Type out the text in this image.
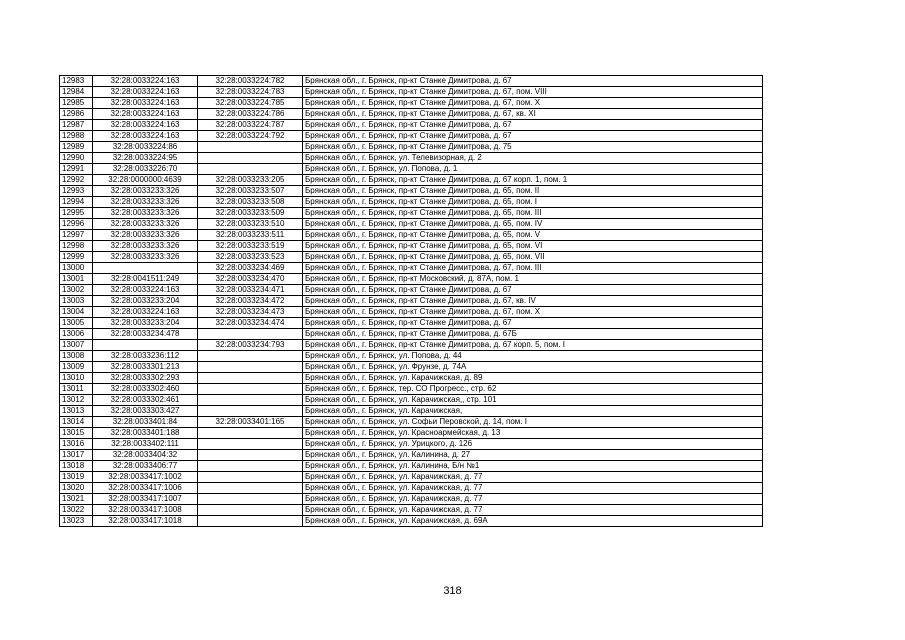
12983	32:28:0033224:163	32:28:0033224:782	Брянская обл., г. Брянск, пр-кт Станке Димитрова, д. 67
12984	32:28:0033224:163	32:28:0033224:783	Брянская обл., г. Брянск, пр-кт Станке Димитрова, д. 67, пом. VIII
12985	32:28:0033224:163	32:28:0033224:785	Брянская обл., г. Брянск, пр-кт Станке Димитрова, д. 67, пом. Х
12986	32:28:0033224:163	32:28:0033224:786	Брянская обл., г. Брянск, пр-кт Станке Димитрова, д. 67, кв. XI
12987	32:28:0033224:163	32:28:0033224:787	Брянская обл., г. Брянск, пр-кт Станке Димитрова, д. 67
12988	32:28:0033224:163	32:28:0033224:792	Брянская обл., г. Брянск, пр-кт Станке Димитрова, д. 67
12989	32:28:0033224:86		Брянская обл., г. Брянск, пр-кт Станке Димитрова, д. 75
12990	32:28:0033224:95		Брянская обл., г. Брянск, ул. Телевизорная, д. 2
12991	32:28:0033226:70		Брянская обл., г. Брянск, ул. Попова, д. 1
12992	32:28:0000000:4639	32:28:0033233:205	Брянская обл., г. Брянск, пр-кт Станке Димитрова, д. 67 корп. 1, пом. 1
12993	32:28:0033233:326	32:28:0033233:507	Брянская обл., г. Брянск, пр-кт Станке Димитрова, д. 65, пом. II
12994	32:28:0033233:326	32:28:0033233:508	Брянская обл., г. Брянск, пр-кт Станке Димитрова, д. 65, пом. I
12995	32:28:0033233:326	32:28:0033233:509	Брянская обл., г. Брянск, пр-кт Станке Димитрова, д. 65, пом. III
12996	32:28:0033233:326	32:28:0033233:510	Брянская обл., г. Брянск, пр-кт Станке Димитрова, д. 65, пом. IV
12997	32:28:0033233:326	32:28:0033233:511	Брянская обл., г. Брянск, пр-кт Станке Димитрова, д. 65, пом. V
12998	32:28:0033233:326	32:28:0033233:519	Брянская обл., г. Брянск, пр-кт Станке Димитрова, д. 65, пом. VI
12999	32:28:0033233:326	32:28:0033233:523	Брянская обл., г. Брянск, пр-кт Станке Димитрова, д. 65, пом. VII
13000		32:28:0033234:469	Брянская обл., г. Брянск, пр-кт Станке Димитрова, д. 67, пом. III
13001	32:28:0041511:249	32:28:0033234:470	Брянская обл., г. Брянск, пр-кт Московский, д. 87А, пом. 1
13002	32:28:0033224:163	32:28:0033234:471	Брянская обл., г. Брянск, пр-кт Станке Димитрова, д. 67
13003	32:28:0033233:204	32:28:0033234:472	Брянская обл., г. Брянск, пр-кт Станке Димитрова, д. 67, кв. IV
13004	32:28:0033224:163	32:28:0033234:473	Брянская обл., г. Брянск, пр-кт Станке Димитрова, д. 67, пом. Х
13005	32:28:0033233:204	32:28:0033234:474	Брянская обл., г. Брянск, пр-кт Станке Димитрова, д. 67
13006	32:28:0033234:478		Брянская обл., г. Брянск, пр-кт Станке Димитрова, д. 67Б
13007		32:28:0033234:793	Брянская обл., г. Брянск, пр-кт Станке Димитрова, д. 67 корп. 5, пом. I
13008	32:28:0033236:112		Брянская обл., г. Брянск, ул. Попова, д. 44
13009	32:28:0033301:213		Брянская обл., г. Брянск, ул. Фрунзе, д. 74А
13010	32:28:0033302:293		Брянская обл., г. Брянск, ул. Карачижская, д. 89
13011	32:28:0033302:460		Брянская обл., г. Брянск, тер. СО Прогресс., стр. 62
13012	32:28:0033302:461		Брянская обл., г. Брянск, ул. Карачижская,, стр. 101
13013	32:28:0033303:427		Брянская обл., г. Брянск, ул. Карачижская,
13014	32:28:0033401:84	32:28:0033401:165	Брянская обл., г. Брянск, ул. Софьи Перовской, д. 14, пом. I
13015	32:28:0033401:188		Брянская обл., г. Брянск, ул. Красноармейская, д. 13
13016	32:28:0033402:111		Брянская обл., г. Брянск, ул. Урицкого, д. 126
13017	32:28:0033404:32		Брянская обл., г. Брянск, ул. Калинина, д. 27
13018	32:28:0033406:77		Брянская обл., г. Брянск, ул. Калинина, Б/н №1
13019	32:28:0033417:1002		Брянская обл., г. Брянск, ул. Карачижская, д. 77
13020	32:28:0033417:1006		Брянская обл., г. Брянск, ул. Карачижская, д. 77
13021	32:28:0033417:1007		Брянская обл., г. Брянск, ул. Карачижская, д. 77
13022	32:28:0033417:1008		Брянская обл., г. Брянск, ул. Карачижская, д. 77
13023	32:28:0033417:1018		Брянская обл., г. Брянск, ул. Карачижская, д. 69А
318
